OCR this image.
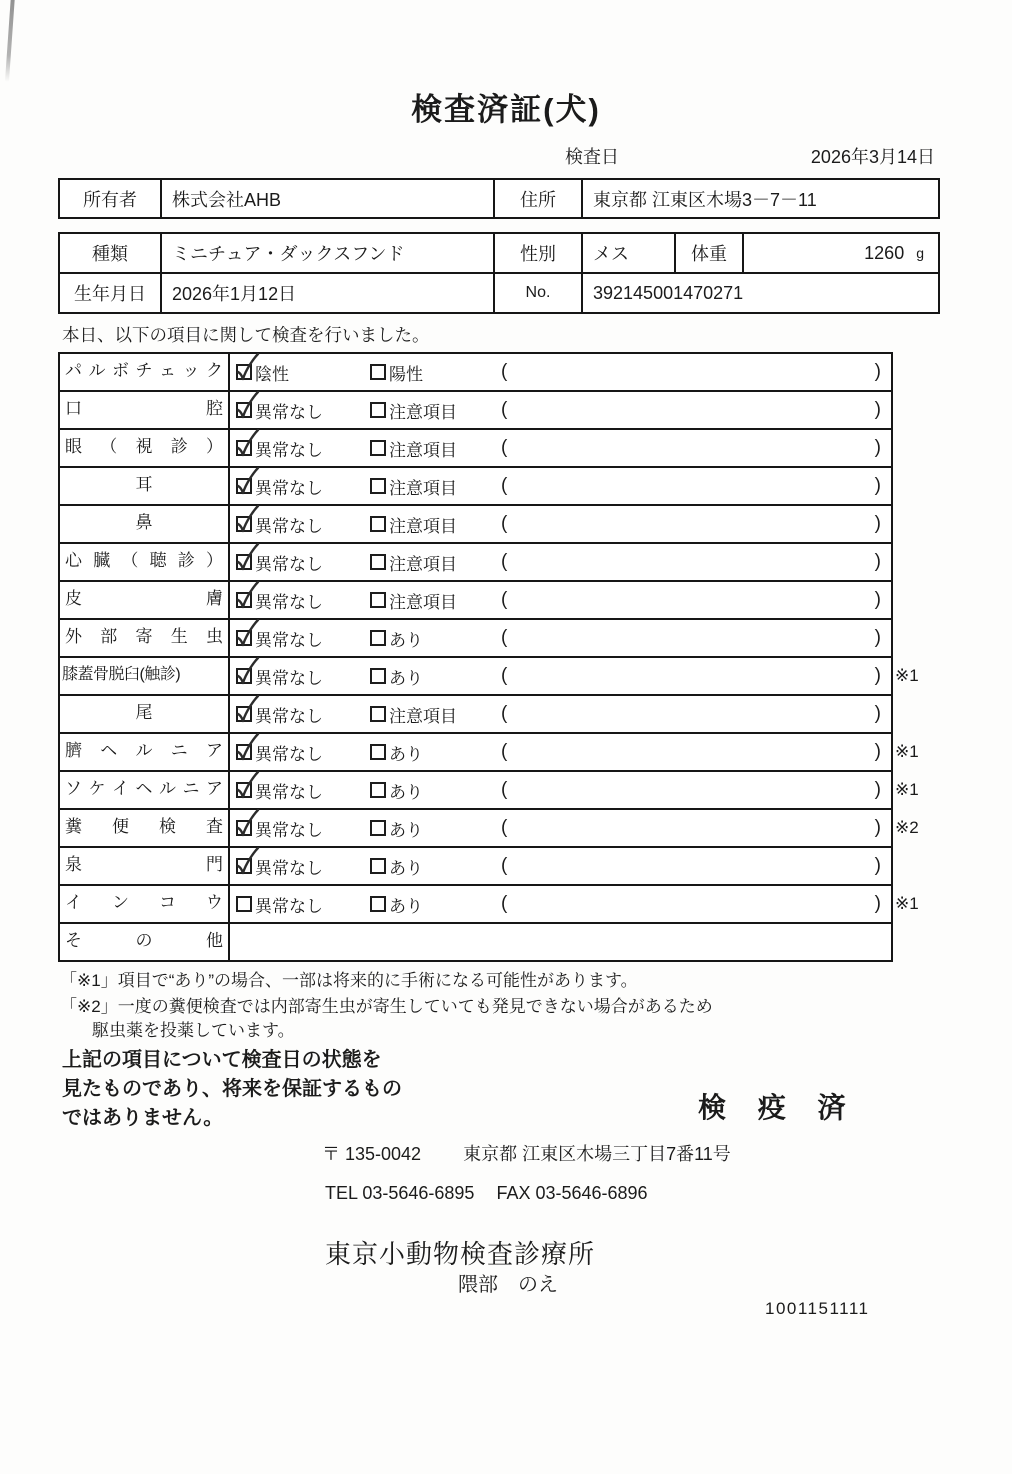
検査済証(犬)
検査日	2026年3月14日
所有者	株式会社AHB	住所	東京都 江東区木場3－7－11
種類	ミニチュア・ダックスフンド	性別	メス	体重	1260 g
生年月日	2026年1月12日	No.	392145001470271
本日、以下の項目に関して検査を行いました。
パ ル ボ チ ェ ッ ク	陰性	陽性	(	)
口 腔	異常なし	注意項目 (	)
眼 （ 視 診 ）	異常なし	注意項目 (	)
耳	異常なし	注意項目 (	)
鼻	異常なし	注意項目 (	)
心 臓 （ 聴 診 ）	異常なし	注意項目 (	)
皮 膚	異常なし	注意項目 (	)
外 部 寄 生 虫	異常なし	あり	(	)
膝蓋骨脱臼(触診)	異常なし	あり	(	) ※1
尾	異常なし	注意項目 (	)
臍 ヘ ル ニ ア	異常なし	あり	(	) ※1
ソ ケ イ ヘ ル ニ ア	異常なし	あり	(	) ※1
糞 便 検 査	異常なし	あり	(	) ※2
泉 門	異常なし	あり	(	)
イ ン コ ウ	異常なし	あり	(	) ※1
そ の 他
「※1」項目で“あり”の場合、一部は将来的に手術になる可能性があります。
「※2」一度の糞便検査では内部寄生虫が寄生していても発見できない場合があるため
駆虫薬を投薬しています。
上記の項目について検査日の状態を
見たものであり、将来を保証するもの
ではありません。	検 疫 済
〒 135-0042 東京都 江東区木場三丁目7番11号
TEL 03-5646-6895 FAX 03-5646-6896
東京小動物検査診療所
隈部　のえ
1001151111
